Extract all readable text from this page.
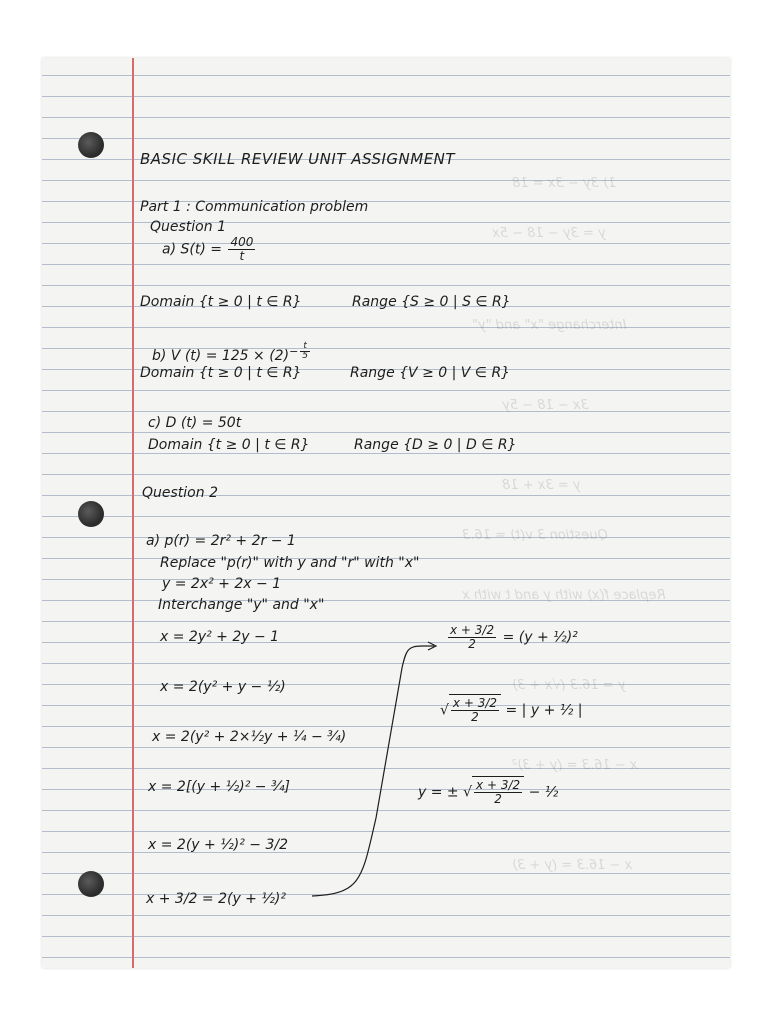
1) 3y − 3x = 18
y = 3y − 18 − 5x
Interchange "x" and "y"
3x − 18 − 5y
y = 3x + 18
Question 3 v(t) = 16.3
Replace f(x) with y and t with x
y = 16.3 (√x + 3)
x − 16.3 = (y + 3)²
x − 16.3 = (y + 3)
BASIC SKILL REVIEW UNIT ASSIGNMENT
Part 1 : Communication problem
Question 1
a) $S(t) = \frac{400}{t}$
Domain {t ≥ 0 | t ∈ R}	Range {S ≥ 0 | S ∈ R}
b) V $(t) = 125 \times (2)^{- \frac{t}{5}}$
Domain {t ≥ 0 | t ∈ R}	Range {V ≥ 0 | V ∈ R}
c) D (t) = 50t
Domain {t ≥ 0 | t ∈ R}	Range {D ≥ 0 | D ∈ R}
Question 2
a) p(r) = 2r² + 2r − 1
Replace "p(r)" with y and "r" with "x"
y = 2x² + 2x − 1
Interchange "y" and "x"
x = 2y² + 2y − 1
x = 2(y² + y − ½)
x = 2(y² + 2×½y + ¼ − ¾)
x = 2[(y + ½)² − ¾]
x = 2(y + ½)² − 3/2
x + 3/2 = 2(y + ½)²
$\frac{x + 3/2}{2} = (y$ + ½)²
√ $\frac{x + 3/2}{2}$ = | y + ½ |
y = ± √ $\frac{x + 3/2}{2}$ − ½
